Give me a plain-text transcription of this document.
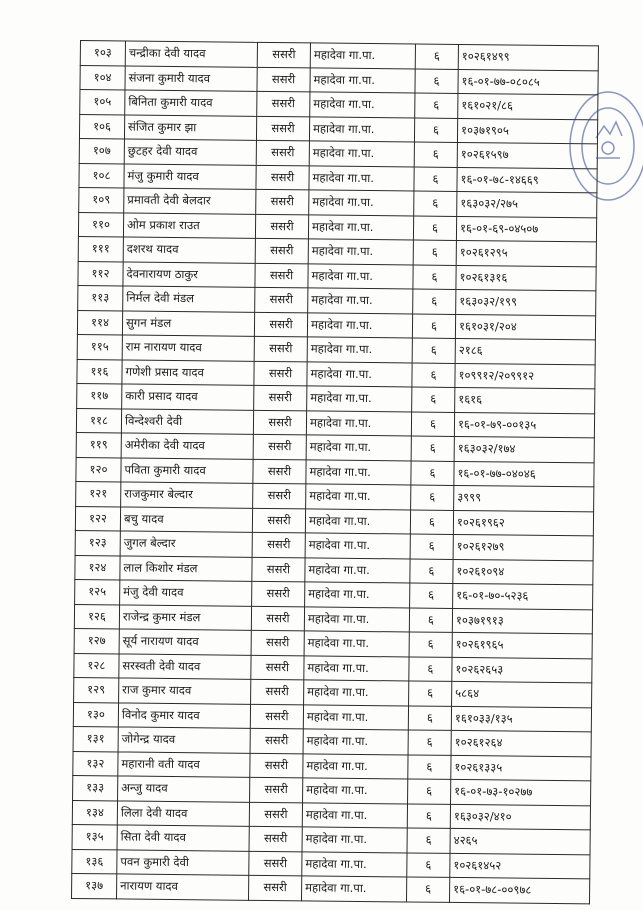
१०३	चन्द्रीका देवी यादव	ससरी	महादेवा गा.पा.	६	१०२६१४९९
१०४	संजना कुमारी यादव	ससरी	महादेवा गा.पा.	६	१६-०१-७७-०८०८५
१०५	बिनिता कुमारी यादव	ससरी	महादेवा गा.पा.	६	१६१०२१/८६
१०६	संजित कुमार झा	ससरी	महादेवा गा.पा.	६	१०३७१९०५
१०७	छुटहर देवी यादव	ससरी	महादेवा गा.पा.	६	१०२६१५९७
१०८	मंजु कुमारी यादव	ससरी	महादेवा गा.पा.	६	१६-०१-७८-१४६६९
१०९	प्रमावती देवी बेलदार	ससरी	महादेवा गा.पा.	६	१६३०३२/२७५
११०	ओम प्रकाश राउत	ससरी	महादेवा गा.पा.	६	१६-०१-६९-०४५०७
१११	दशरथ यादव	ससरी	महादेवा गा.पा.	६	१०२६१२९५
११२	देवनारायण ठाकुर	ससरी	महादेवा गा.पा.	६	१०२६१३१६
११३	निर्मल देवी मंडल	ससरी	महादेवा गा.पा.	६	१६३०३२/१९९
११४	सुगन मंडल	ससरी	महादेवा गा.पा.	६	१६१०३१/२०४
११५	राम नारायण यादव	ससरी	महादेवा गा.पा.	६	२१८६
११६	गणेशी प्रसाद यादव	ससरी	महादेवा गा.पा.	६	१०९९१२/२०९९१२
११७	कारी प्रसाद यादव	ससरी	महादेवा गा.पा.	६	१६१६
११८	विन्देश्वरी देवी	ससरी	महादेवा गा.पा.	६	१६-०१-७९-००१३५
११९	अमेरीका देवी यादव	ससरी	महादेवा गा.पा.	६	१६३०३२/१७४
१२०	पविता कुमारी यादव	ससरी	महादेवा गा.पा.	६	१६-०१-७७-०४०४६
१२१	राजकुमार बेल्दार	ससरी	महादेवा गा.पा.	६	३९९९
१२२	बचु यादव	ससरी	महादेवा गा.पा.	६	१०२६१९६२
१२३	जुगल बेल्दार	ससरी	महादेवा गा.पा.	६	१०२६१२७९
१२४	लाल किशोर मंडल	ससरी	महादेवा गा.पा.	६	१०२६१०९४
१२५	मंजु देवी यादव	ससरी	महादेवा गा.पा.	६	१६-०१-७०-५२३६
१२६	राजेन्द्र कुमार मंडल	ससरी	महादेवा गा.पा.	६	१०३७१९१३
१२७	सूर्य नारायण यादव	ससरी	महादेवा गा.पा.	६	१०२६१९६५
१२८	सरस्वती देवी यादव	ससरी	महादेवा गा.पा.	६	१०२६२६५३
१२९	राज कुमार यादव	ससरी	महादेवा गा.पा.	६	५८६४
१३०	विनोद कुमार यादव	ससरी	महादेवा गा.पा.	६	१६१०३३/१३५
१३१	जोगेन्द्र यादव	ससरी	महादेवा गा.पा.	६	१०२६१२६४
१३२	महारानी वती यादव	ससरी	महादेवा गा.पा.	६	१०२६१३३५
१३३	अन्जु यादव	ससरी	महादेवा गा.पा.	६	१६-०१-७३-१०२७७
१३४	लिला देवी यादव	ससरी	महादेवा गा.पा.	६	१६३०३२/४१०
१३५	सिता देवी यादव	ससरी	महादेवा गा.पा.	६	४२६५
१३६	पवन कुमारी देवी	ससरी	महादेवा गा.पा.	६	१०२६१४५२
१३७	नारायण यादव	ससरी	महादेवा गा.पा.	६	१६-०१-७८-००९७८
